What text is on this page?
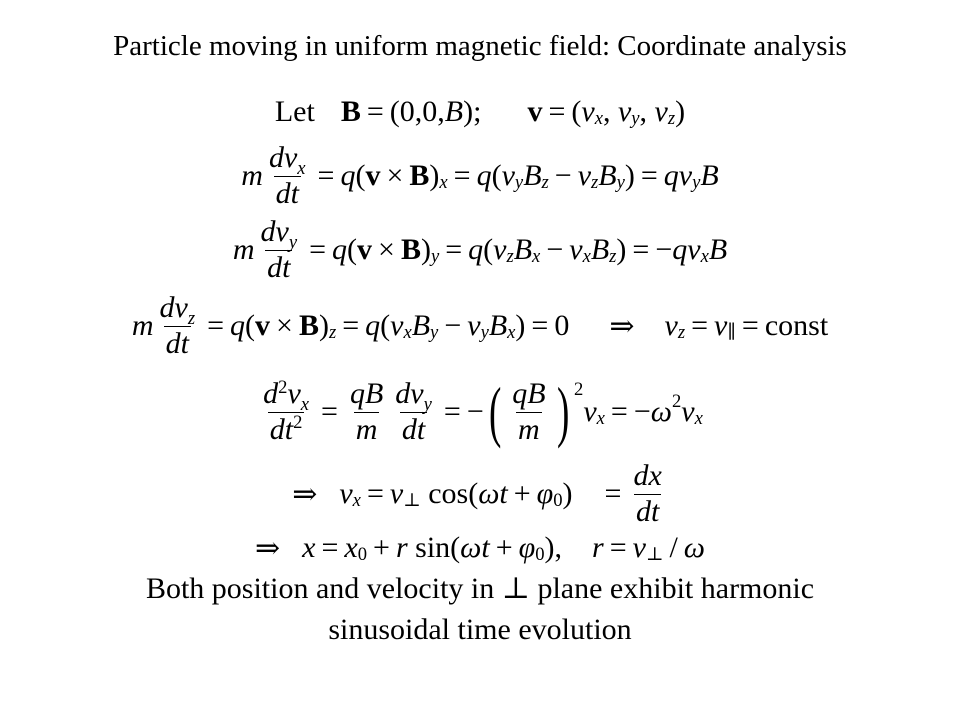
Particle moving in uniform magnetic field: Coordinate analysis
Let B = (0,0, B ); v = ( v x , v y , v z )
m $\frac{dv_x}{dt} = q$ ( v × B ) x = q ( v y B z − v z B y ) = qv y B
m $\frac{dv_y}{dt} = q$ ( v × B ) y = q ( v z B x − v x B z ) = − qv x B
m $\frac{dv_z}{dt} = q$ ( v × B ) z = q ( v x B y − v y B x ) = 0 ⇒ v z = v ∥ = const
$\frac{d^2v_x}{dt^2} = \frac{qB}{m} \frac{dv_y}{dt}$ = − ( $\frac{qB}{m}$ ) 2
v x = − ω 2 v x
⇒ v x = v ⊥
cos ( ωt + φ 0 ) = $\frac{dx}{dt}$
⇒ x = x 0 + r
sin ( ωt + φ 0 ), r = v ⊥ / ω
Both position and velocity in ⊥ plane exhibit harmonic
sinusoidal time evolution
